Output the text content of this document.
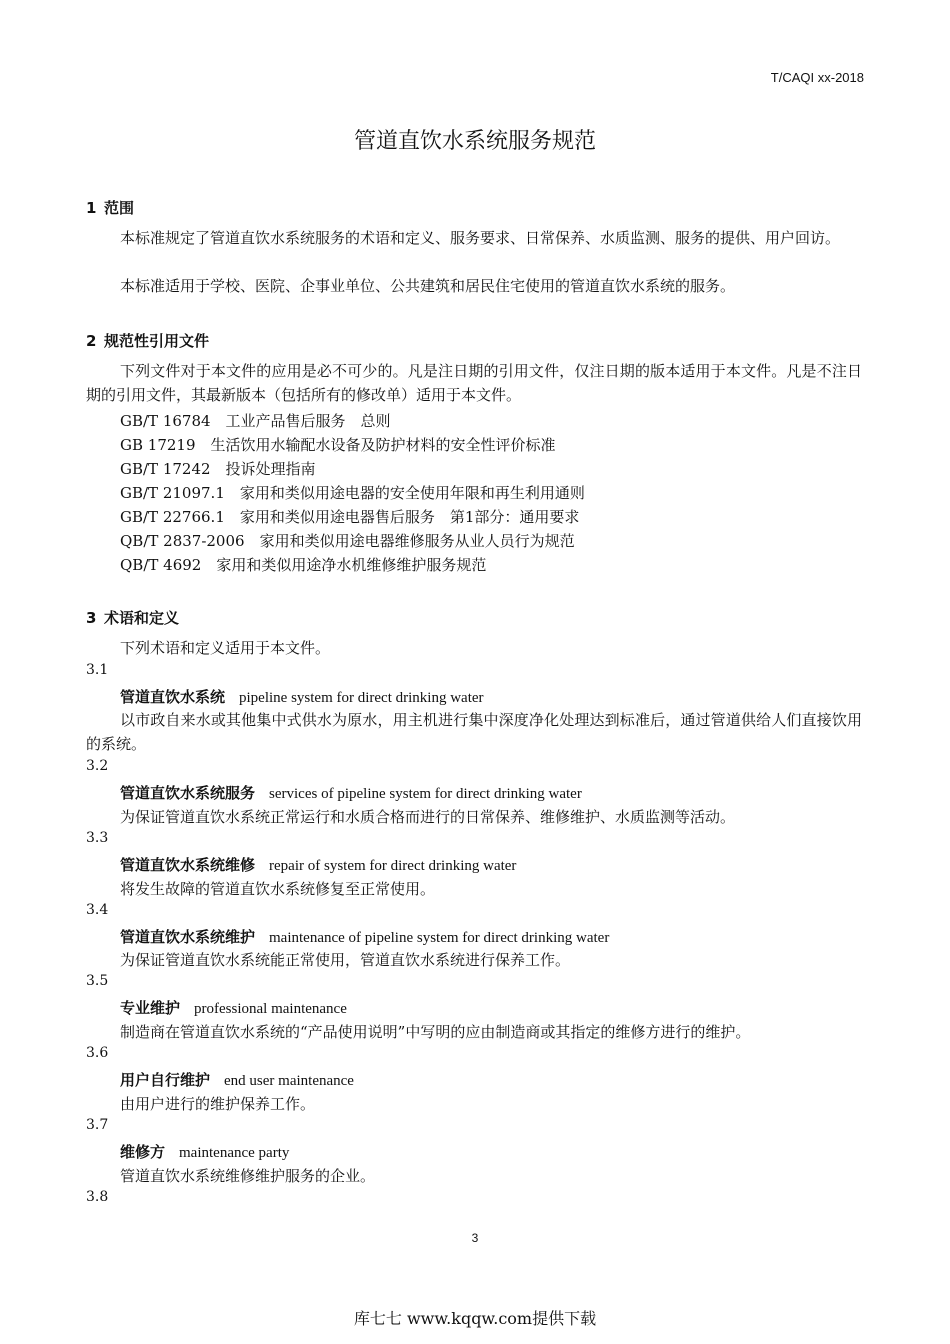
T/CAQI xx-2018
管道直饮水系统服务规范
1 范围
本标准规定了管道直饮水系统服务的术语和定义、服务要求、日常保养、水质监测、服务的提供、用户回访。
本标准适用于学校、医院、企事业单位、公共建筑和居民住宅使用的管道直饮水系统的服务。
2 规范性引用文件
下列文件对于本文件的应用是必不可少的。凡是注日期的引用文件，仅注日期的版本适用于本文件。凡是不注日期的引用文件，其最新版本（包括所有的修改单）适用于本文件。
GB/T 16784　工业产品售后服务　总则
GB 17219　生活饮用水输配水设备及防护材料的安全性评价标准
GB/T 17242　投诉处理指南
GB/T 21097.1　家用和类似用途电器的安全使用年限和再生利用通则
GB/T 22766.1　家用和类似用途电器售后服务　第1部分：通用要求
QB/T 2837-2006　家用和类似用途电器维修服务从业人员行为规范
QB/T 4692　家用和类似用途净水机维修维护服务规范
3 术语和定义
下列术语和定义适用于本文件。
3.1
管道直饮水系统 pipeline system for direct drinking water
以市政自来水或其他集中式供水为原水，用主机进行集中深度净化处理达到标准后，通过管道供给人们直接饮用的系统。
3.2
管道直饮水系统服务 services of pipeline system for direct drinking water
为保证管道直饮水系统正常运行和水质合格而进行的日常保养、维修维护、水质监测等活动。
3.3
管道直饮水系统维修 repair of system for direct drinking water
将发生故障的管道直饮水系统修复至正常使用。
3.4
管道直饮水系统维护 maintenance of pipeline system for direct drinking water
为保证管道直饮水系统能正常使用，管道直饮水系统进行保养工作。
3.5
专业维护 professional maintenance
制造商在管道直饮水系统的“产品使用说明”中写明的应由制造商或其指定的维修方进行的维护。
3.6
用户自行维护 end user maintenance
由用户进行的维护保养工作。
3.7
维修方 maintenance party
管道直饮水系统维修维护服务的企业。
3.8
3
库七七 www.kqqw.com提供下载
